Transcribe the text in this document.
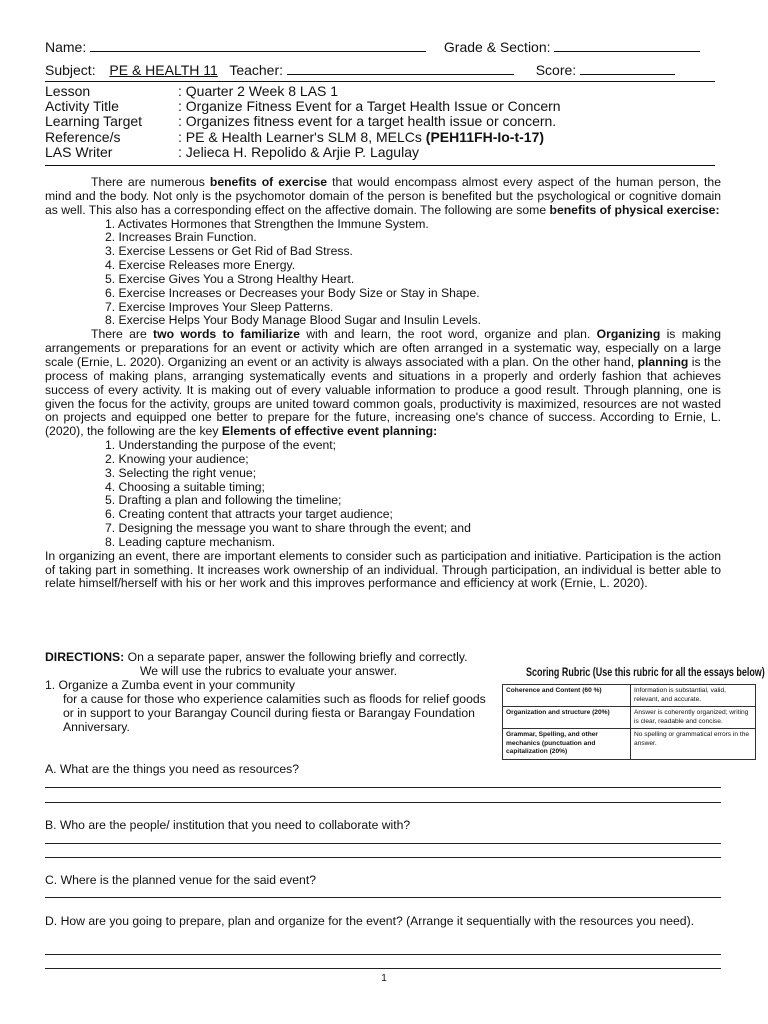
Name:	Grade & Section:
Subject: PE & HEALTH 11 Teacher:	Score:
Lesson	: Quarter 2 Week 8 LAS 1
Activity Title	: Organize Fitness Event for a Target Health Issue or Concern
Learning Target	: Organizes fitness event for a target health issue or concern.
Reference/s	: PE & Health Learner's SLM 8, MELCs (PEH11FH-Io-t-17)
LAS Writer	: Jelieca H. Repolido & Arjie P. Lagulay

There are numerous benefits of exercise that would encompass almost every aspect of the human person, the mind and the body. Not only is the psychomotor domain of the person is benefited but the psychological or cognitive domain as well. This also has a corresponding effect on the affective domain. The following are some benefits of physical exercise:

1. Activates Hormones that Strengthen the Immune System.
2. Increases Brain Function.
3. Exercise Lessens or Get Rid of Bad Stress.
4. Exercise Releases more Energy.
5. Exercise Gives You a Strong Healthy Heart.
6. Exercise Increases or Decreases your Body Size or Stay in Shape.
7. Exercise Improves Your Sleep Patterns.
8. Exercise Helps Your Body Manage Blood Sugar and Insulin Levels.

There are two words to familiarize with and learn, the root word, organize and plan. Organizing is making arrangements or preparations for an event or activity which are often arranged in a systematic way, especially on a large scale (Ernie, L. 2020). Organizing an event or an activity is always associated with a plan. On the other hand, planning is the process of making plans, arranging systematically events and situations in a properly and orderly fashion that achieves success of every activity. It is making out of every valuable information to produce a good result. Through planning, one is given the focus for the activity, groups are united toward common goals, productivity is maximized, resources are not wasted on projects and equipped one better to prepare for the future, increasing one's chance of success. According to Ernie, L. (2020), the following are the key Elements of effective event planning:

1. Understanding the purpose of the event;
2. Knowing your audience;
3. Selecting the right venue;
4. Choosing a suitable timing;
5. Drafting a plan and following the timeline;
6. Creating content that attracts your target audience;
7. Designing the message you want to share through the event; and
8. Leading capture mechanism.

In organizing an event, there are important elements to consider such as participation and initiative. Participation is the action of taking part in something. It increases work ownership of an individual. Through participation, an individual is better able to relate himself/herself with his or her work and this improves performance and efficiency at work (Ernie, L. 2020).

DIRECTIONS: On a separate paper, answer the following briefly and correctly.
We will use the rubrics to evaluate your answer.
1. Organize a Zumba event in your community
for a cause for those who experience calamities such as floods for relief goods or in support to your Barangay Council during fiesta or Barangay Foundation Anniversary.
Scoring Rubric (Use this rubric for all the essays below)
Coherence and Content (60 %)	Information is substantial, valid, relevant, and accurate.
Organization and structure (20%)	Answer is coherently organized; writing is clear, readable and concise.
Grammar, Spelling, and other mechanics (punctuation and capitalization (20%)	No spelling or grammatical errors in the answer.
A. What are the things you need as resources?
B. Who are the people/ institution that you need to collaborate with?
C. Where is the planned venue for the said event?
D. How are you going to prepare, plan and organize for the event? (Arrange it sequentially with the resources you need).
1
